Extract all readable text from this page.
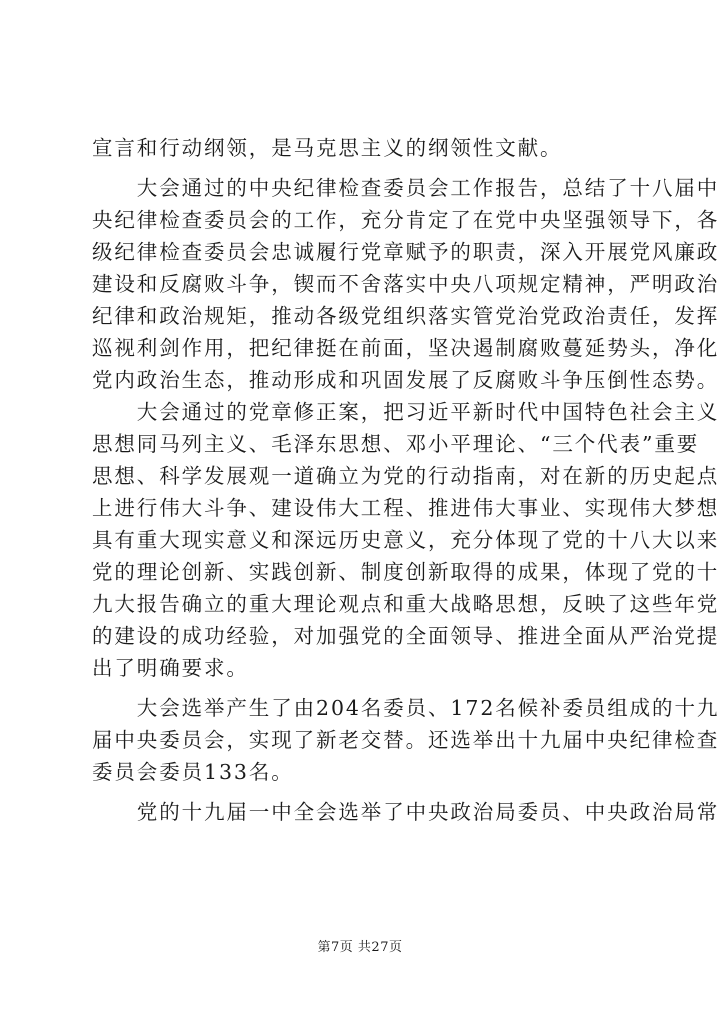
宣言和行动纲领，是马克思主义的纲领性文献。
　　大会通过的中央纪律检查委员会工作报告，总结了十八届中
央纪律检查委员会的工作，充分肯定了在党中央坚强领导下，各
级纪律检查委员会忠诚履行党章赋予的职责，深入开展党风廉政
建设和反腐败斗争，锲而不舍落实中央八项规定精神，严明政治
纪律和政治规矩，推动各级党组织落实管党治党政治责任，发挥
巡视利剑作用，把纪律挺在前面，坚决遏制腐败蔓延势头，净化
党内政治生态，推动形成和巩固发展了反腐败斗争压倒性态势。
　　大会通过的党章修正案，把习近平新时代中国特色社会主义
思想同马列主义、毛泽东思想、邓小平理论、“三个代表”重要
思想、科学发展观一道确立为党的行动指南，对在新的历史起点
上进行伟大斗争、建设伟大工程、推进伟大事业、实现伟大梦想
具有重大现实意义和深远历史意义，充分体现了党的十八大以来
党的理论创新、实践创新、制度创新取得的成果，体现了党的十
九大报告确立的重大理论观点和重大战略思想，反映了这些年党
的建设的成功经验，对加强党的全面领导、推进全面从严治党提
出了明确要求。
　　大会选举产生了由204名委员、172名候补委员组成的十九
届中央委员会，实现了新老交替。还选举出十九届中央纪律检查
委员会委员133名。
　　党的十九届一中全会选举了中央政治局委员、中央政治局常
第7页 共27页
